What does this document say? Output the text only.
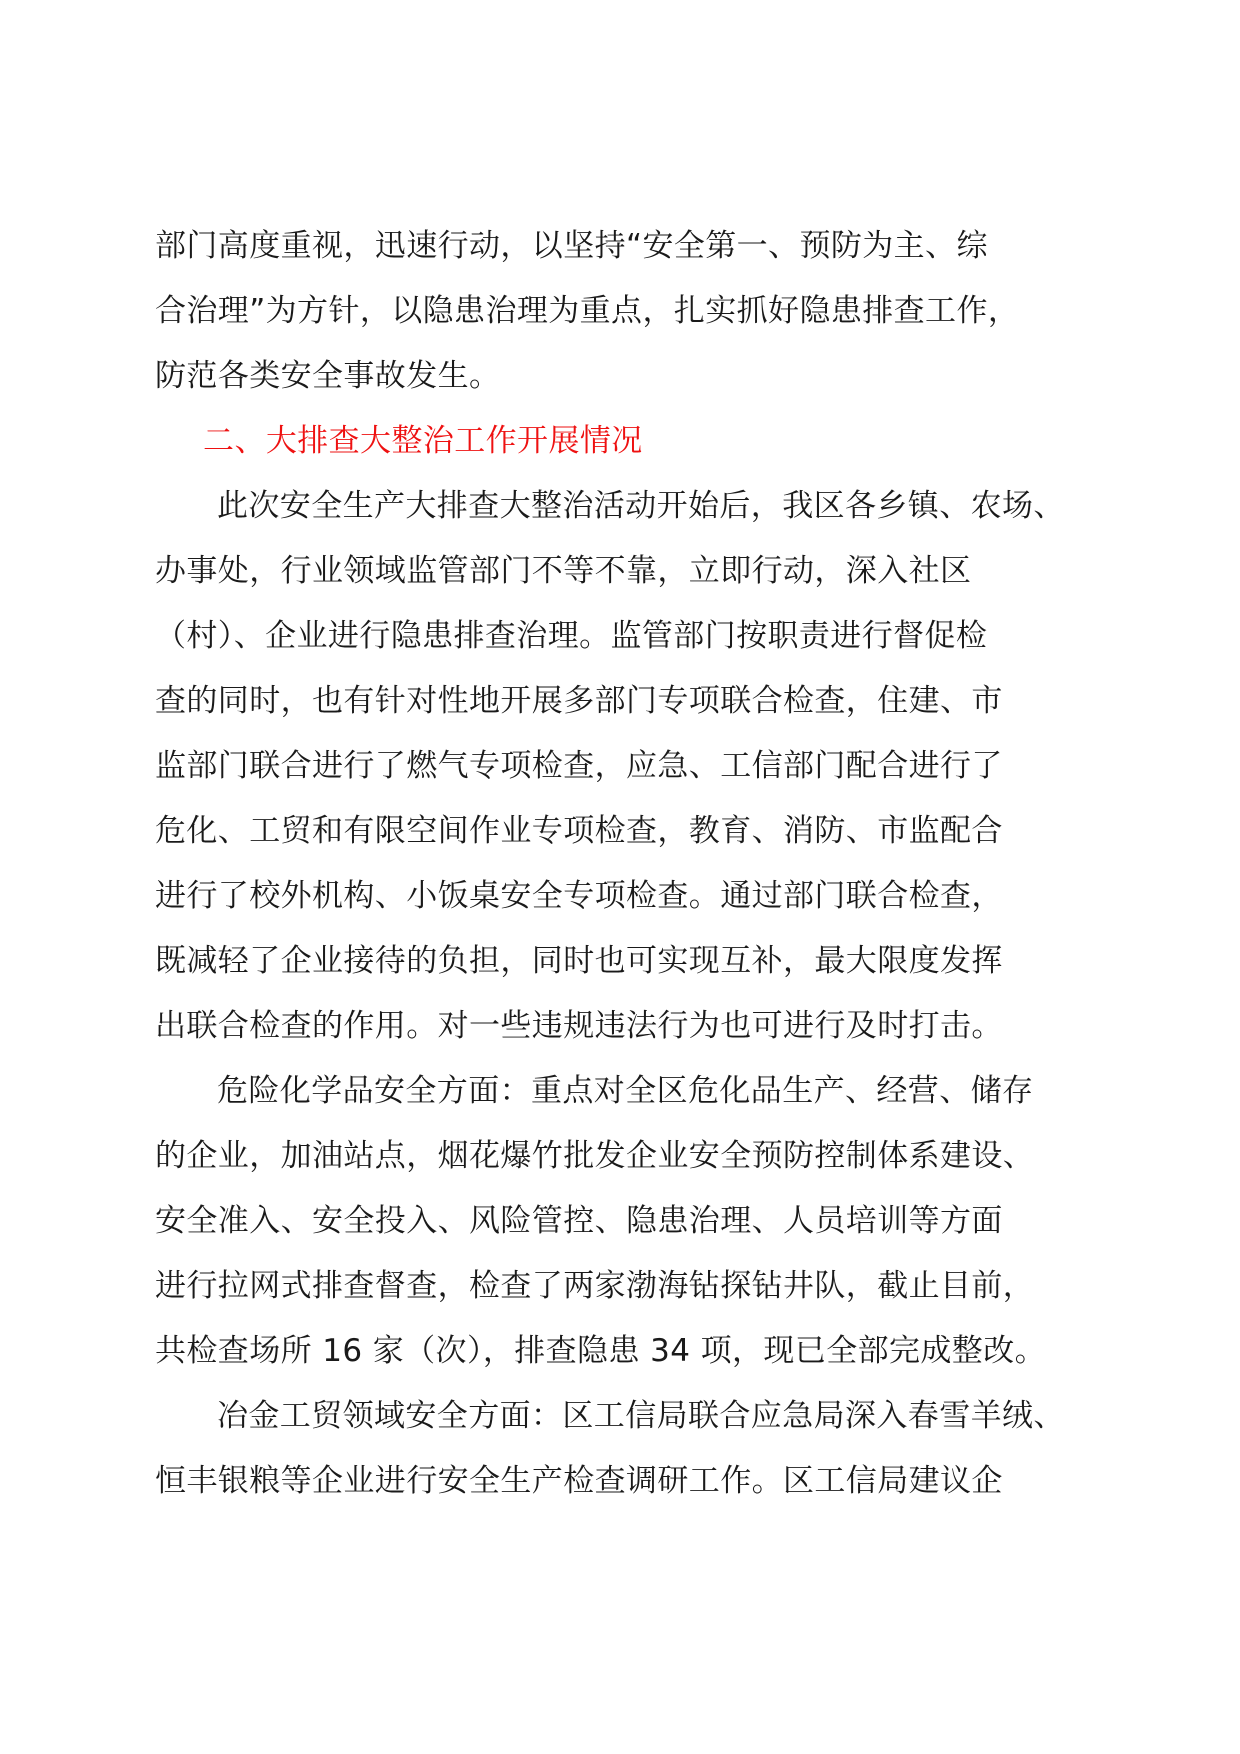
部门高度重视，迅速行动，以坚持“安全第一、预防为主、综
合治理”为方针，以隐患治理为重点，扎实抓好隐患排查工作，
防范各类安全事故发生。

二、大排查大整治工作开展情况

此次安全生产大排查大整治活动开始后，我区各乡镇、农场、
办事处，行业领域监管部门不等不靠，立即行动，深入社区
（村）、企业进行隐患排查治理。监管部门按职责进行督促检
查的同时，也有针对性地开展多部门专项联合检查，住建、市
监部门联合进行了燃气专项检查，应急、工信部门配合进行了
危化、工贸和有限空间作业专项检查，教育、消防、市监配合
进行了校外机构、小饭桌安全专项检查。通过部门联合检查，
既减轻了企业接待的负担，同时也可实现互补，最大限度发挥
出联合检查的作用。对一些违规违法行为也可进行及时打击。

危险化学品安全方面：重点对全区危化品生产、经营、储存
的企业，加油站点，烟花爆竹批发企业安全预防控制体系建设、
安全准入、安全投入、风险管控、隐患治理、人员培训等方面
进行拉网式排查督查，检查了两家渤海钻探钻井队，截止目前，
共检查场所 16 家（次），排查隐患 34 项，现已全部完成整改。

冶金工贸领域安全方面：区工信局联合应急局深入春雪羊绒、
恒丰银粮等企业进行安全生产检查调研工作。区工信局建议企
